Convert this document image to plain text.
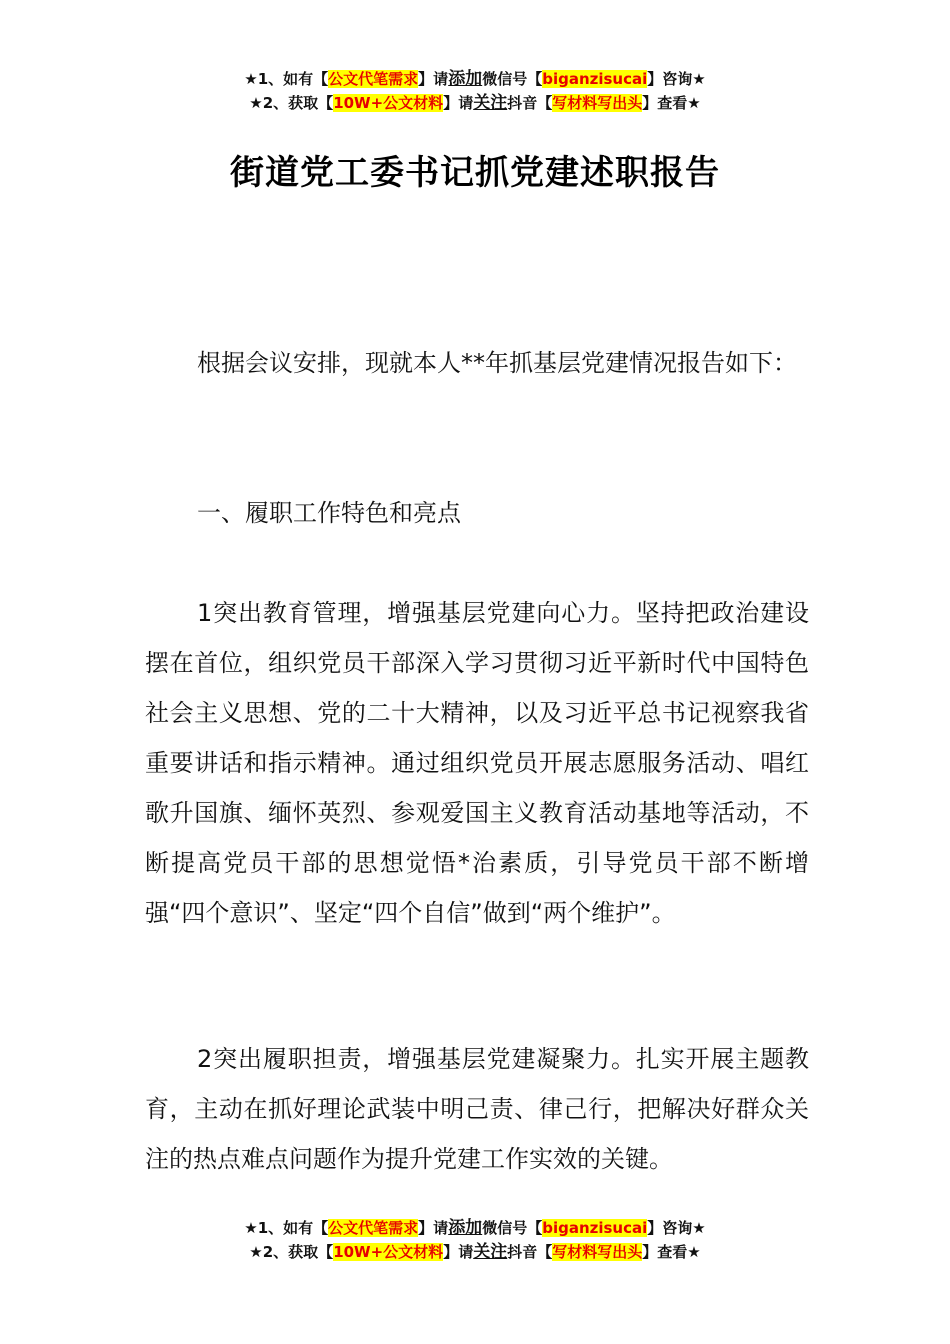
★1、如有【公文代笔需求】请添加微信号【biganzisucai】咨询★
★2、获取【10W+公文材料】请关注抖音【写材料写出头】查看★
街道党工委书记抓党建述职报告
根据会议安排，现就本人**年抓基层党建情况报告如下：
一、履职工作特色和亮点
1突出教育管理，增强基层党建向心力。坚持把政治建设摆在首位，组织党员干部深入学习贯彻习近平新时代中国特色社会主义思想、党的二十大精神，以及习近平总书记视察我省重要讲话和指示精神。通过组织党员开展志愿服务活动、唱红歌升国旗、缅怀英烈、参观爱国主义教育活动基地等活动，不断提高党员干部的思想觉悟*治素质，引导党员干部不断增强“四个意识”、坚定“四个自信”做到“两个维护”。
2突出履职担责，增强基层党建凝聚力。扎实开展主题教育，主动在抓好理论武装中明己责、律己行，把解决好群众关注的热点难点问题作为提升党建工作实效的关键。
★1、如有【公文代笔需求】请添加微信号【biganzisucai】咨询★
★2、获取【10W+公文材料】请关注抖音【写材料写出头】查看★
